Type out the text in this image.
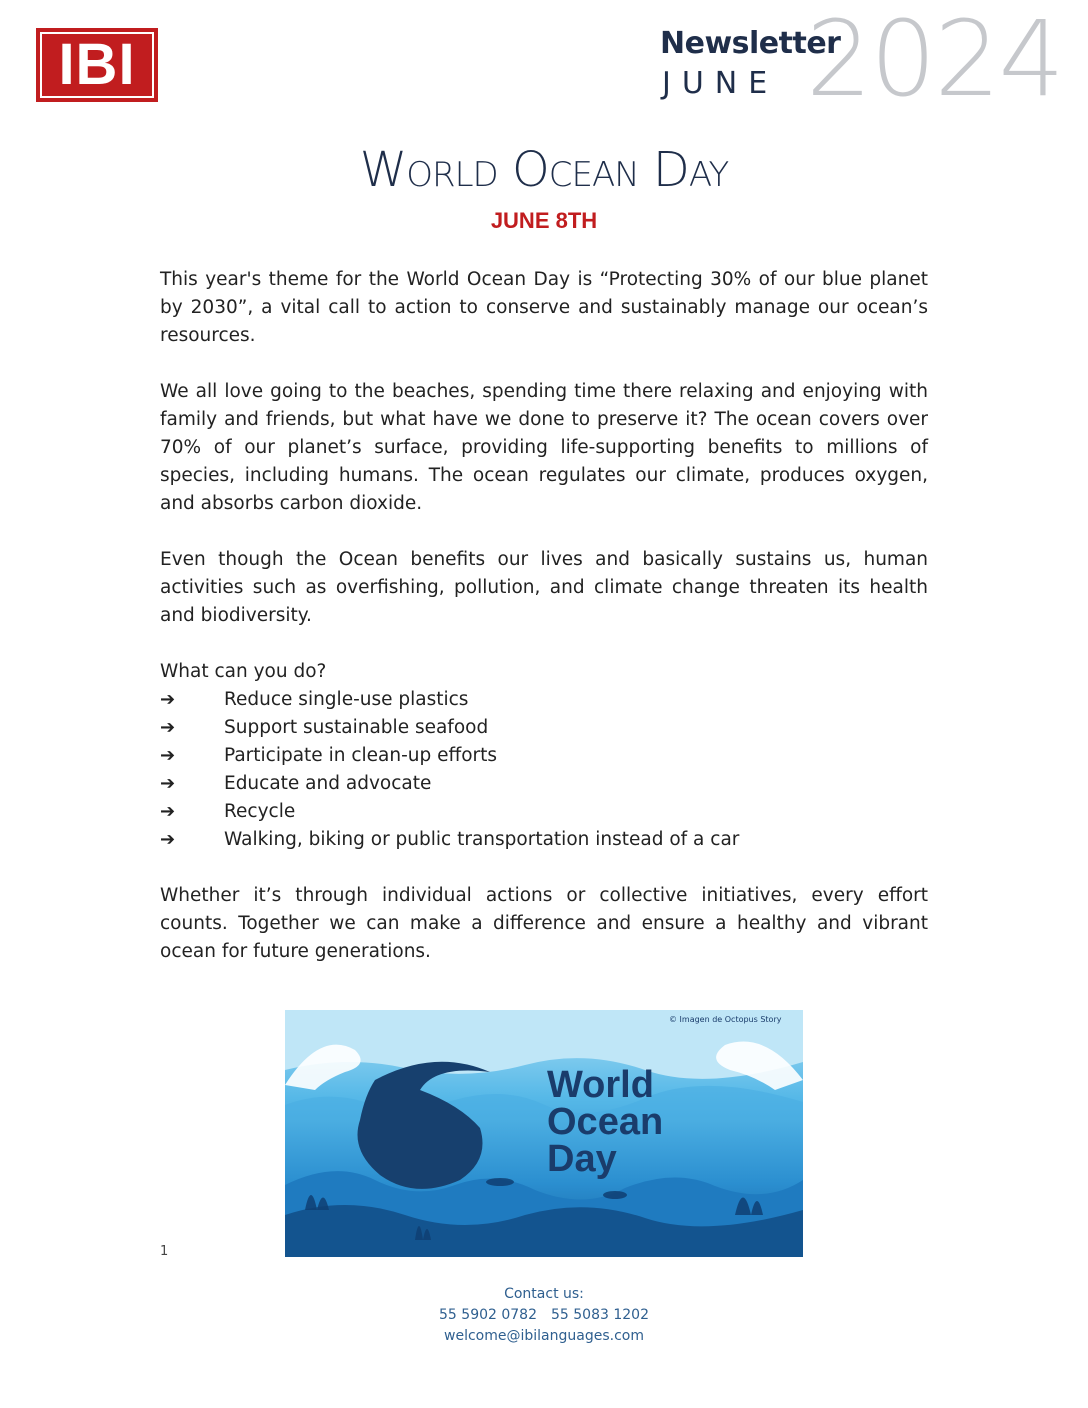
IBI	2024
Newsletter
JUNE
World Ocean Day
JUNE 8TH

This year's theme for the World Ocean Day is “Protecting 30% of our blue planet by 2030”, a vital call to action to conserve and sustainably manage our ocean’s resources.

We all love going to the beaches, spending time there relaxing and enjoying with family and friends, but what have we done to preserve it? The ocean covers over 70% of our planet’s surface, providing life-supporting benefits to millions of species, including humans. The ocean regulates our climate, produces oxygen, and absorbs carbon dioxide.

Even though the Ocean benefits our lives and basically sustains us, human activities such as overfishing, pollution, and climate change threaten its health and biodiversity.

What can you do?

➔	Reduce single-use plastics
➔	Support sustainable seafood
➔	Participate in clean-up efforts
➔	Educate and advocate
➔	Recycle
➔	Walking, biking or public transportation instead of a car

Whether it’s through individual actions or collective initiatives, every effort counts. Together we can make a difference and ensure a healthy and vibrant ocean for future generations.

World
Ocean
Day
© Imagen de Octopus Story
1
Contact us:
55 5902 0782 55 5083 1202
welcome@ibilanguages.com
